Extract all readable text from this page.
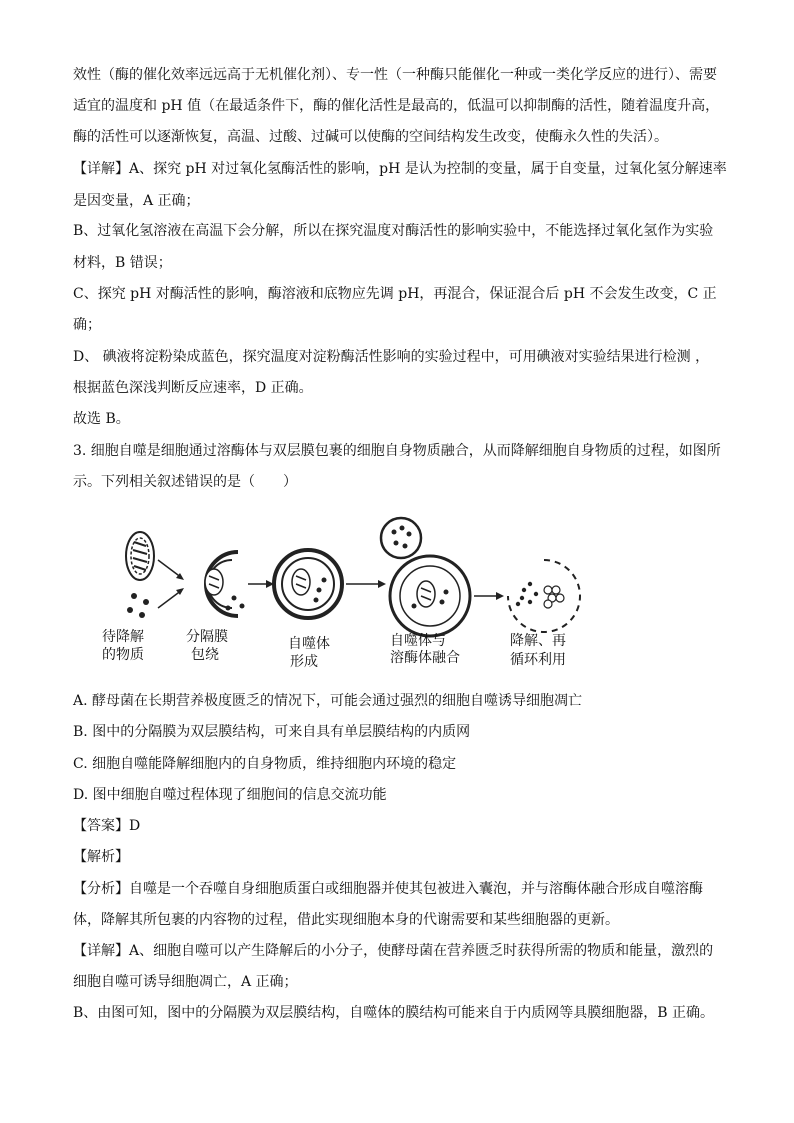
效性（酶的催化效率远远高于无机催化剂）、专一性（一种酶只能催化一种或一类化学反应的进行）、需要
适宜的温度和 pH 值（在最适条件下，酶的催化活性是最高的，低温可以抑制酶的活性，随着温度升高，
酶的活性可以逐渐恢复，高温、过酸、过碱可以使酶的空间结构发生改变，使酶永久性的失活）。
【详解】A、探究 pH 对过氧化氢酶活性的影响，pH 是认为控制的变量，属于自变量，过氧化氢分解速率
是因变量，A 正确；
B、过氧化氢溶液在高温下会分解，所以在探究温度对酶活性的影响实验中，不能选择过氧化氢作为实验
材料，B 错误；
C、探究 pH 对酶活性的影响，酶溶液和底物应先调 pH，再混合，保证混合后 pH 不会发生改变，C 正
确；
D、 碘液将淀粉染成蓝色，探究温度对淀粉酶活性影响的实验过程中，可用碘液对实验结果进行检测 ，
根据蓝色深浅判断反应速率，D 正确。
故选 B。
3. 细胞自噬是细胞通过溶酶体与双层膜包裹的细胞自身物质融合，从而降解细胞自身物质的过程，如图所
示。下列相关叙述错误的是（　　）
待降解
的物质
分隔膜
包绕
自噬体
形成
自噬体与
溶酶体融合
降解、再
循环利用
A. 酵母菌在长期营养极度匮乏的情况下，可能会通过强烈的细胞自噬诱导细胞凋亡
B. 图中的分隔膜为双层膜结构，可来自具有单层膜结构的内质网
C. 细胞自噬能降解细胞内的自身物质，维持细胞内环境的稳定
D. 图中细胞自噬过程体现了细胞间的信息交流功能
【答案】D
【解析】
【分析】自噬是一个吞噬自身细胞质蛋白或细胞器并使其包被进入囊泡，并与溶酶体融合形成自噬溶酶
体，降解其所包裹的内容物的过程，借此实现细胞本身的代谢需要和某些细胞器的更新。
【详解】A、细胞自噬可以产生降解后的小分子，使酵母菌在营养匮乏时获得所需的物质和能量，激烈的
细胞自噬可诱导细胞凋亡，A 正确；
B、由图可知，图中的分隔膜为双层膜结构，自噬体的膜结构可能来自于内质网等具膜细胞器，B 正确。
